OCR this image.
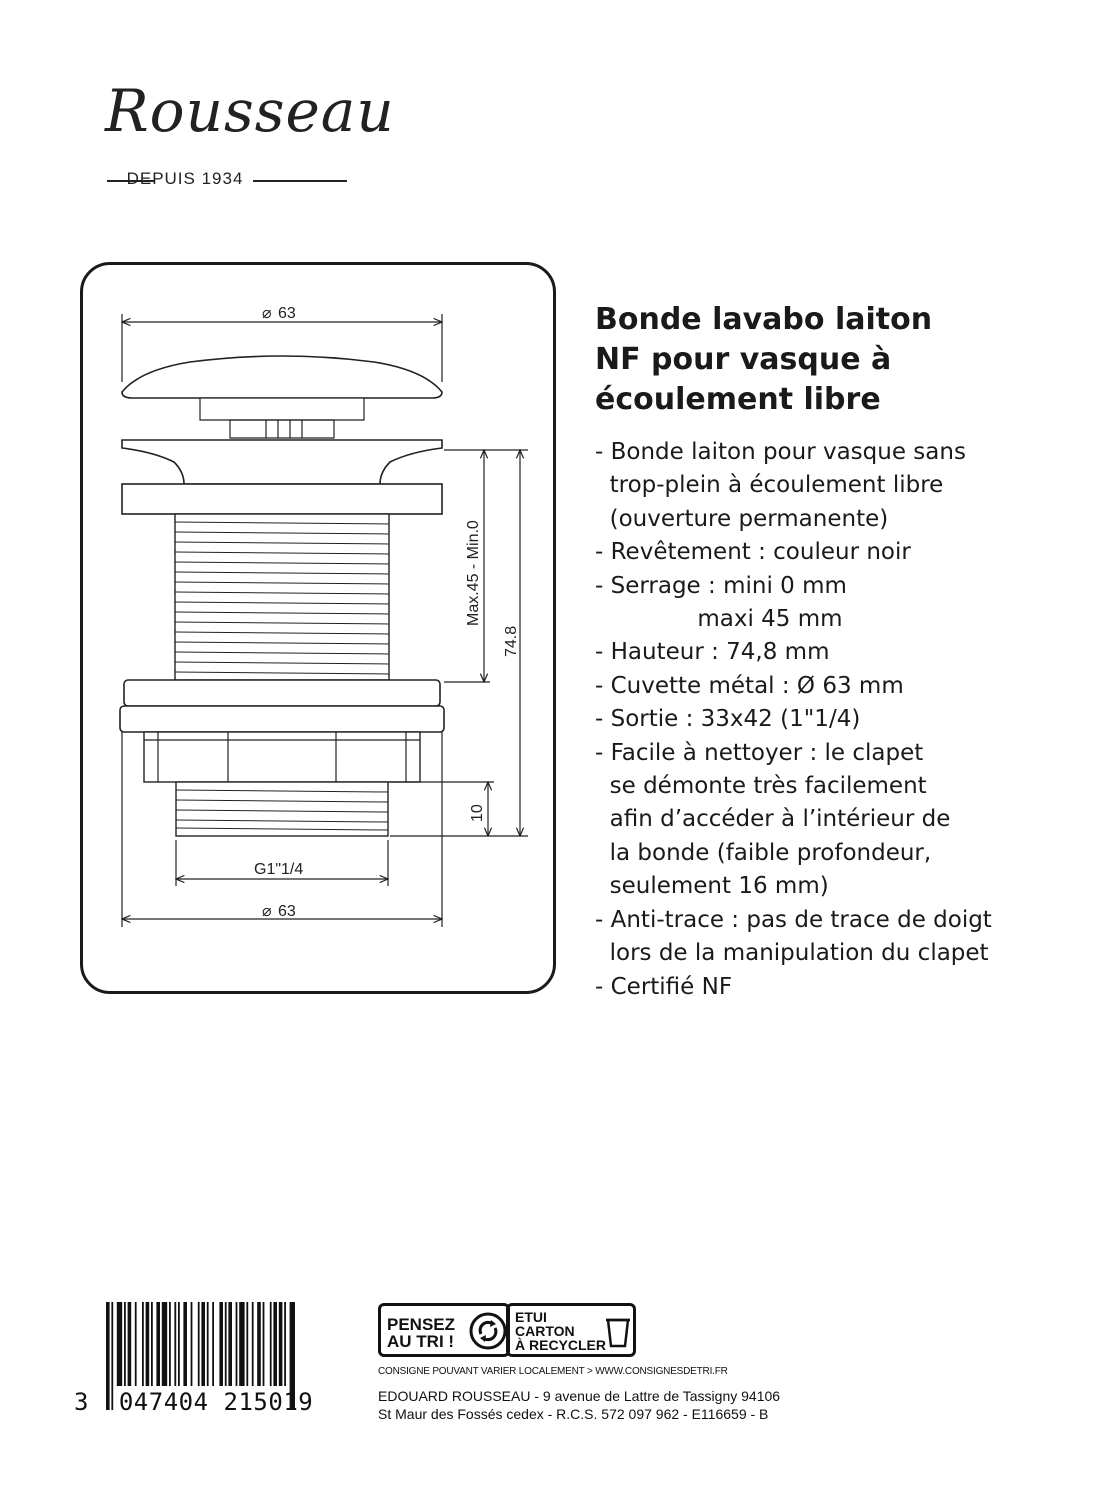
Rousseau
DEPUIS 1934
⌀ 63
⌀ 63
G1"1/4
Max.45 - Min.0
74.8
10
Bonde lavabo laiton
NF pour vasque à
écoulement libre
- Bonde laiton pour vasque sans
trop-plein à écoulement libre
(ouverture permanente)
- Revêtement : couleur noir
- Serrage : mini 0 mm
maxi 45 mm
- Hauteur : 74,8 mm
- Cuvette métal : Ø 63 mm
- Sortie : 33x42 (1"1/4)
- Facile à nettoyer : le clapet
se démonte très facilement
afin d’accéder à l’intérieur de
la bonde (faible profondeur,
seulement 16 mm)
- Anti-trace : pas de trace de doigt
lors de la manipulation du clapet
- Certifié NF
3 047404 215019
PENSEZ
AU TRI !
ETUI
CARTON
À RECYCLER
CONSIGNE POUVANT VARIER LOCALEMENT > WWW.CONSIGNESDETRI.FR
EDOUARD ROUSSEAU - 9 avenue de Lattre de Tassigny 94106
St Maur des Fossés cedex - R.C.S. 572 097 962 - E116659 - B
